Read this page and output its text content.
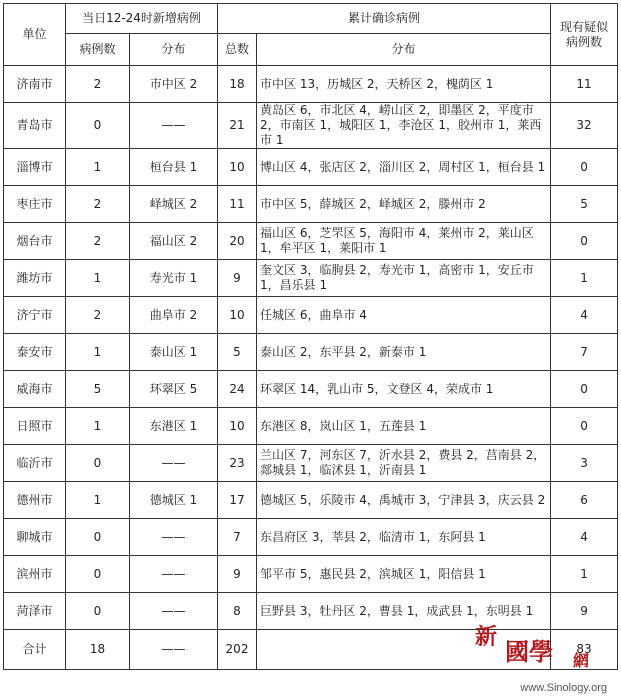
单位	当日12-24时新增病例		累计确诊病例		现有疑似
病例数
	病例数	分布	总数	分布	
济南市	2	市中区 2	18	市中区 13，历城区 2，天桥区 2，槐荫区 1	11
青岛市	0	——	21	黄岛区 6，市北区 4，崂山区 2，即墨区 2，平度市 2，市南区 1，城阳区 1，李沧区 1，胶州市 1，莱西市 1	32
淄博市	1	桓台县 1	10	博山区 4，张店区 2，淄川区 2，周村区 1，桓台县 1	0
枣庄市	2	峄城区 2	11	市中区 5，薛城区 2，峄城区 2，滕州市 2	5
烟台市	2	福山区 2	20	福山区 6，芝罘区 5，海阳市 4，莱州市 2，莱山区 1，牟平区 1，莱阳市 1	0
潍坊市	1	寿光市 1	9	奎文区 3，临朐县 2，寿光市 1，高密市 1，安丘市 1，昌乐县 1	1
济宁市	2	曲阜市 2	10	任城区 6，曲阜市 4	4
泰安市	1	泰山区 1	5	泰山区 2，东平县 2，新泰市 1	7
威海市	5	环翠区 5	24	环翠区 14，乳山市 5，文登区 4，荣成市 1	0
日照市	1	东港区 1	10	东港区 8，岚山区 1，五莲县 1	0
临沂市	0	——	23	兰山区 7，河东区 7，沂水县 2，费县 2，莒南县 2，郯城县 1，临沭县 1，沂南县 1	3
德州市	1	德城区 1	17	德城区 5，乐陵市 4，禹城市 3，宁津县 3，庆云县 2	6
聊城市	0	——	7	东昌府区 3，莘县 2，临清市 1，东阿县 1	4
滨州市	0	——	9	邹平市 5，惠民县 2，滨城区 1，阳信县 1	1
菏泽市	0	——	8	巨野县 3，牡丹区 2，曹县 1，成武县 1，东明县 1	9
合计	18	——	202		83
新 國學 網
www.Sinology.org
